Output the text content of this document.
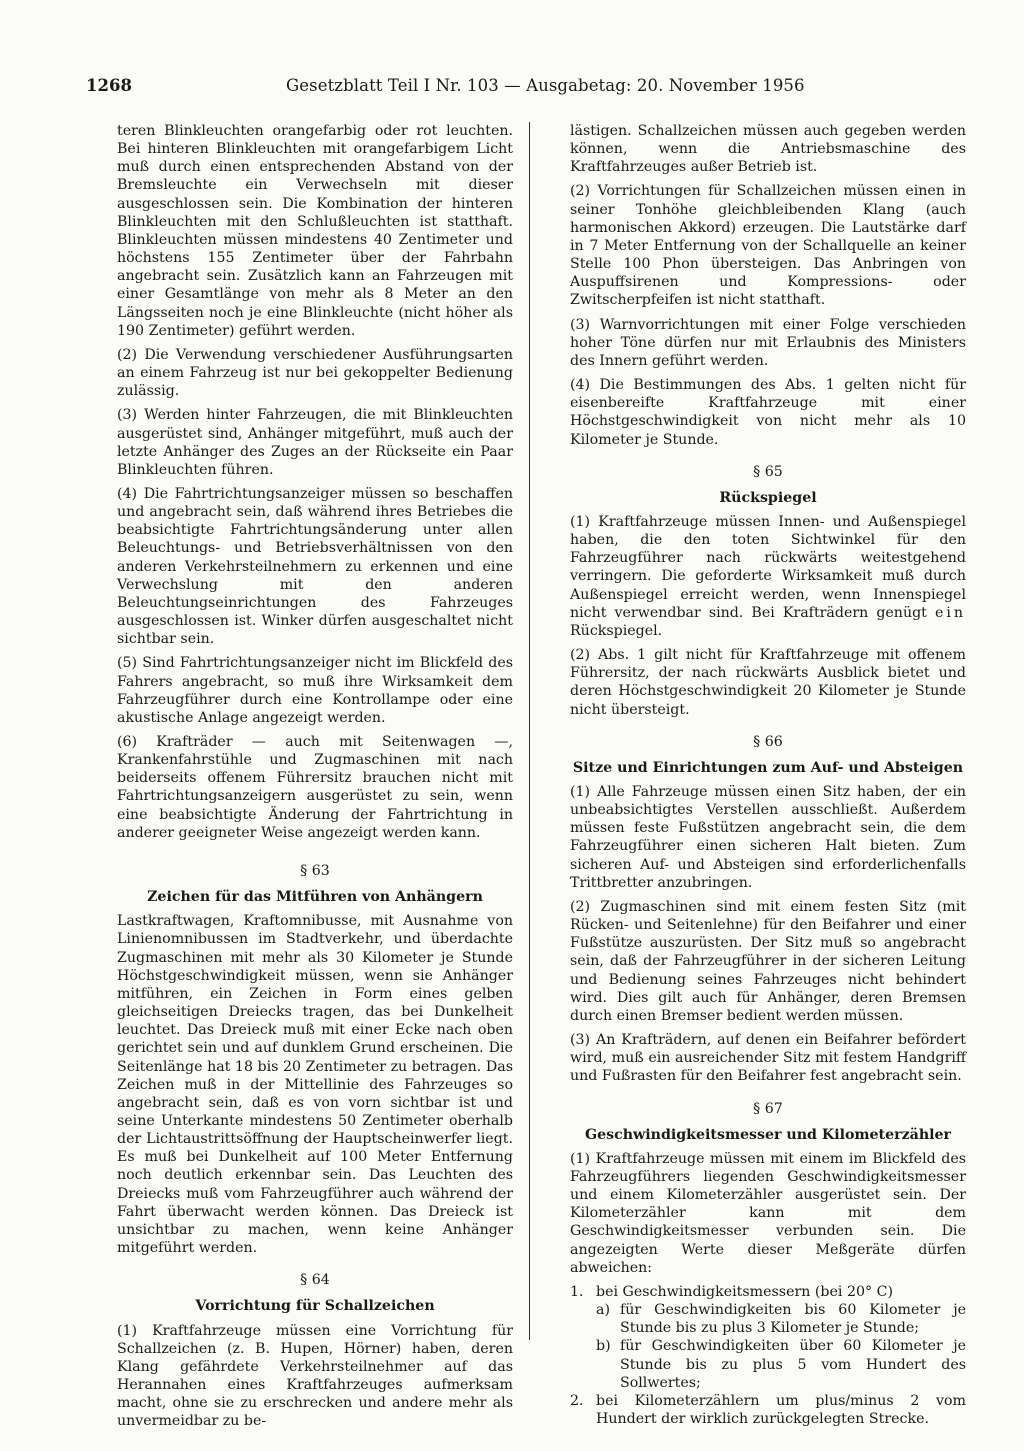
1268	Gesetzblatt Teil I Nr. 103 — Ausgabetag: 20. November 1956

teren Blinkleuchten orangefarbig oder rot leuchten. Bei hinteren Blinkleuchten mit orangefarbigem Licht muß durch einen entsprechenden Abstand von der Bremsleuchte ein Verwechseln mit dieser ausgeschlossen sein. Die Kombination der hinteren Blinkleuchten mit den Schlußleuchten ist statthaft. Blinkleuchten müssen mindestens 40 Zentimeter und höchstens 155 Zentimeter über der Fahrbahn angebracht sein. Zusätzlich kann an Fahrzeugen mit einer Gesamtlänge von mehr als 8 Meter an den Längsseiten noch je eine Blinkleuchte (nicht höher als 190 Zentimeter) geführt werden.

(2) Die Verwendung verschiedener Ausführungsarten an einem Fahrzeug ist nur bei gekoppelter Bedienung zulässig.

(3) Werden hinter Fahrzeugen, die mit Blinkleuchten ausgerüstet sind, Anhänger mitgeführt, muß auch der letzte Anhänger des Zuges an der Rückseite ein Paar Blinkleuchten führen.

(4) Die Fahrtrichtungsanzeiger müssen so beschaffen und angebracht sein, daß während ihres Betriebes die beabsichtigte Fahrtrichtungsänderung unter allen Beleuchtungs- und Betriebsverhältnissen von den anderen Verkehrsteilnehmern zu erkennen und eine Verwechslung mit den anderen Beleuchtungseinrichtungen des Fahrzeuges ausgeschlossen ist. Winker dürfen ausgeschaltet nicht sichtbar sein.

(5) Sind Fahrtrichtungsanzeiger nicht im Blickfeld des Fahrers angebracht, so muß ihre Wirksamkeit dem Fahrzeugführer durch eine Kontrollampe oder eine akustische Anlage angezeigt werden.

(6) Krafträder — auch mit Seitenwagen —, Krankenfahrstühle und Zugmaschinen mit nach beiderseits offenem Führersitz brauchen nicht mit Fahrtrichtungsanzeigern ausgerüstet zu sein, wenn eine beabsichtigte Änderung der Fahrtrichtung in anderer geeigneter Weise angezeigt werden kann.

§ 63
Zeichen für das Mitführen von Anhängern

Lastkraftwagen, Kraftomnibusse, mit Ausnahme von Linienomnibussen im Stadtverkehr, und überdachte Zugmaschinen mit mehr als 30 Kilometer je Stunde Höchstgeschwindigkeit müssen, wenn sie Anhänger mitführen, ein Zeichen in Form eines gelben gleichseitigen Dreiecks tragen, das bei Dunkelheit leuchtet. Das Dreieck muß mit einer Ecke nach oben gerichtet sein und auf dunklem Grund erscheinen. Die Seitenlänge hat 18 bis 20 Zentimeter zu betragen. Das Zeichen muß in der Mittellinie des Fahrzeuges so angebracht sein, daß es von vorn sichtbar ist und seine Unterkante mindestens 50 Zentimeter oberhalb der Lichtaustrittsöffnung der Hauptscheinwerfer liegt. Es muß bei Dunkelheit auf 100 Meter Entfernung noch deutlich erkennbar sein. Das Leuchten des Dreiecks muß vom Fahrzeugführer auch während der Fahrt überwacht werden können. Das Dreieck ist unsichtbar zu machen, wenn keine Anhänger mitgeführt werden.

§ 64
Vorrichtung für Schallzeichen

(1) Kraftfahrzeuge müssen eine Vorrichtung für Schallzeichen (z. B. Hupen, Hörner) haben, deren Klang gefährdete Verkehrsteilnehmer auf das Herannahen eines Kraftfahrzeuges aufmerksam macht, ohne sie zu erschrecken und andere mehr als unvermeidbar zu be-

lästigen. Schallzeichen müssen auch gegeben werden können, wenn die Antriebsmaschine des Kraftfahrzeuges außer Betrieb ist.

(2) Vorrichtungen für Schallzeichen müssen einen in seiner Tonhöhe gleichbleibenden Klang (auch harmonischen Akkord) erzeugen. Die Lautstärke darf in 7 Meter Entfernung von der Schallquelle an keiner Stelle 100 Phon übersteigen. Das Anbringen von Auspuffsirenen und Kompressions- oder Zwitscherpfeifen ist nicht statthaft.

(3) Warnvorrichtungen mit einer Folge verschieden hoher Töne dürfen nur mit Erlaubnis des Ministers des Innern geführt werden.

(4) Die Bestimmungen des Abs. 1 gelten nicht für eisenbereifte Kraftfahrzeuge mit einer Höchstgeschwindigkeit von nicht mehr als 10 Kilometer je Stunde.

§ 65
Rückspiegel

(1) Kraftfahrzeuge müssen Innen- und Außenspiegel haben, die den toten Sichtwinkel für den Fahrzeugführer nach rückwärts weitestgehend verringern. Die geforderte Wirksamkeit muß durch Außenspiegel erreicht werden, wenn Innenspiegel nicht verwendbar sind. Bei Krafträdern genügt ein Rückspiegel.

(2) Abs. 1 gilt nicht für Kraftfahrzeuge mit offenem Führersitz, der nach rückwärts Ausblick bietet und deren Höchstgeschwindigkeit 20 Kilometer je Stunde nicht übersteigt.

§ 66
Sitze und Einrichtungen zum Auf- und Absteigen

(1) Alle Fahrzeuge müssen einen Sitz haben, der ein unbeabsichtigtes Verstellen ausschließt. Außerdem müssen feste Fußstützen angebracht sein, die dem Fahrzeugführer einen sicheren Halt bieten. Zum sicheren Auf- und Absteigen sind erforderlichenfalls Trittbretter anzubringen.

(2) Zugmaschinen sind mit einem festen Sitz (mit Rücken- und Seitenlehne) für den Beifahrer und einer Fußstütze auszurüsten. Der Sitz muß so angebracht sein, daß der Fahrzeugführer in der sicheren Leitung und Bedienung seines Fahrzeuges nicht behindert wird. Dies gilt auch für Anhänger, deren Bremsen durch einen Bremser bedient werden müssen.

(3) An Krafträdern, auf denen ein Beifahrer befördert wird, muß ein ausreichender Sitz mit festem Handgriff und Fußrasten für den Beifahrer fest angebracht sein.

§ 67
Geschwindigkeitsmesser und Kilometerzähler

(1) Kraftfahrzeuge müssen mit einem im Blickfeld des Fahrzeugführers liegenden Geschwindigkeitsmesser und einem Kilometerzähler ausgerüstet sein. Der Kilometerzähler kann mit dem Geschwindigkeitsmesser verbunden sein. Die angezeigten Werte dieser Meßgeräte dürfen abweichen:

1. bei Geschwindigkeitsmessern (bei 20° C)
a) für Geschwindigkeiten bis 60 Kilometer je Stunde bis zu plus 3 Kilometer je Stunde;
b) für Geschwindigkeiten über 60 Kilometer je Stunde bis zu plus 5 vom Hundert des Sollwertes;
2. bei Kilometerzählern um plus/minus 2 vom Hundert der wirklich zurückgelegten Strecke.
